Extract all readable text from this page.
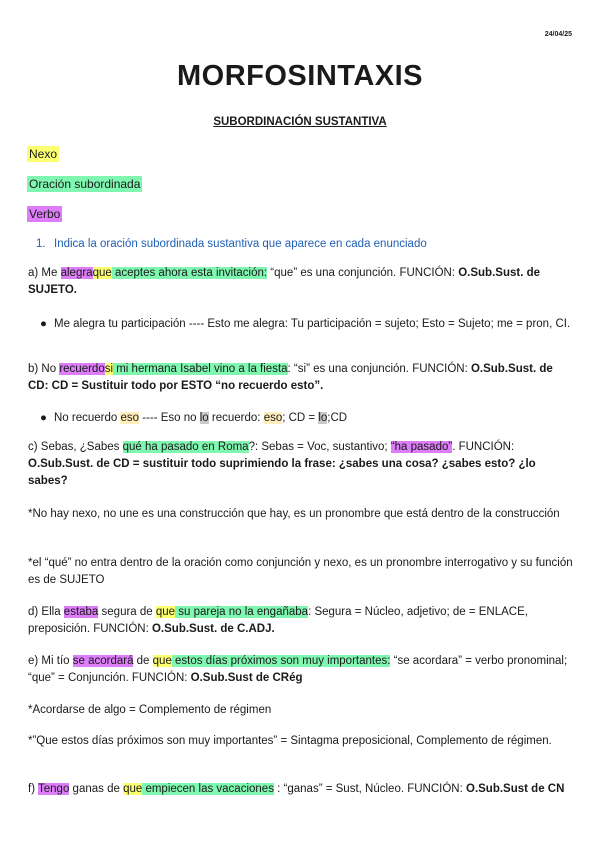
24/04/25
MORFOSINTAXIS
SUBORDINACIÓN SUSTANTIVA
Nexo
Oración subordinada
Verbo
1. Indica la oración subordinada sustantiva que aparece en cada enunciado
a) Me alegraque aceptes ahora esta invitación: “que” es una conjunción. FUNCIÓN: O.Sub.Sust. de SUJETO.
● Me alegra tu participación ---- Esto me alegra: Tu participación = sujeto; Esto = Sujeto; me = pron, CI.
b) No recuerdosi mi hermana Isabel vino a la fiesta: “si” es una conjunción. FUNCIÓN: O.Sub.Sust. de CD: CD = Sustituir todo por ESTO “no recuerdo esto”.
● No recuerdo eso ---- Eso no lo recuerdo: eso; CD = lo;CD
c) Sebas, ¿Sabes qué ha pasado en Roma?: Sebas = Voc, sustantivo; “ha pasado”. FUNCIÓN: O.Sub.Sust. de CD = sustituir todo suprimiendo la frase: ¿sabes una cosa? ¿sabes esto? ¿lo sabes?
*No hay nexo, no une es una construcción que hay, es un pronombre que está dentro de la construcción
*el “qué” no entra dentro de la oración como conjunción y nexo, es un pronombre interrogativo y su función es de SUJETO
d) Ella estaba segura de que su pareja no la engañaba: Segura = Núcleo, adjetivo; de = ENLACE, preposición. FUNCIÓN: O.Sub.Sust. de C.ADJ.
e) Mi tío se acordará de que estos días próximos son muy importantes: “se acordara” = verbo pronominal; “que” = Conjunción. FUNCIÓN: O.Sub.Sust de CRég
*Acordarse de algo = Complemento de régimen
*”Que estos días próximos son muy importantes” = Sintagma preposicional, Complemento de régimen.
f) Tengo ganas de que empiecen las vacaciones : “ganas” = Sust, Núcleo. FUNCIÓN: O.Sub.Sust de CN
